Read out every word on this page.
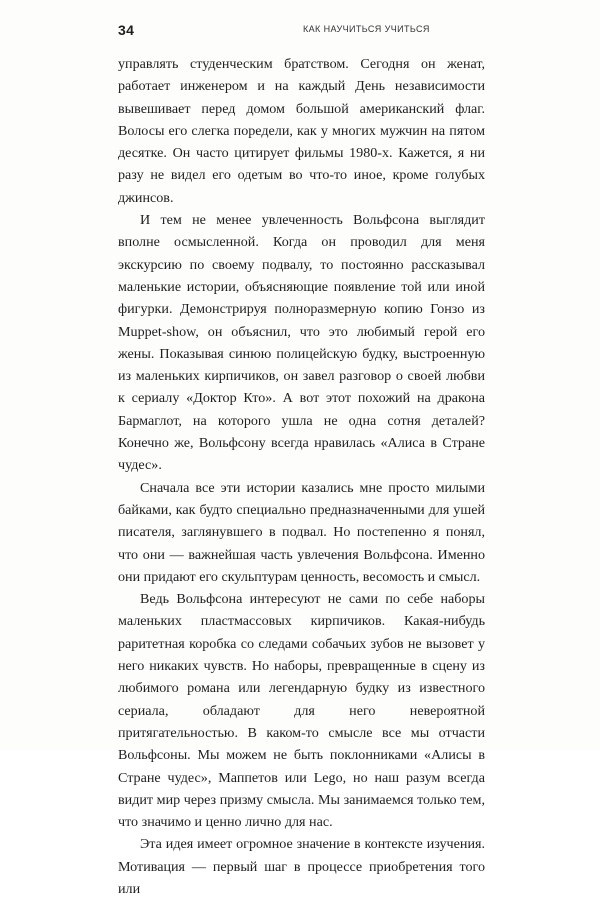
34	КАК НАУЧИТЬСЯ УЧИТЬСЯ

управлять студенческим братством. Сегодня он женат, работает инженером и на каждый День независимости вывешивает перед домом большой американский флаг. Волосы его слегка поредели, как у многих мужчин на пятом десятке. Он часто цитирует фильмы 1980-х. Кажется, я ни разу не видел его одетым во что-то иное, кроме голубых джинсов.

И тем не менее увлеченность Вольфсона выглядит вполне осмысленной. Когда он проводил для меня экскурсию по своему подвалу, то постоянно рассказывал маленькие истории, объясняющие появление той или иной фигурки. Демонстрируя полноразмерную копию Гонзо из Muppet-show, он объяснил, что это любимый герой его жены. Показывая синюю полицейскую будку, выстроенную из маленьких кирпичиков, он завел разговор о своей любви к сериалу «Доктор Кто». А вот этот похожий на дракона Бармаглот, на которого ушла не одна сотня деталей? Конечно же, Вольфсону всегда нравилась «Алиса в Стране чудес».

Сначала все эти истории казались мне просто милыми байками, как будто специально предназначенными для ушей писателя, заглянувшего в подвал. Но постепенно я понял, что они — важнейшая часть увлечения Вольфсона. Именно они придают его скульптурам ценность, весомость и смысл.

Ведь Вольфсона интересуют не сами по себе наборы маленьких пластмассовых кирпичиков. Какая-нибудь раритетная коробка со следами собачьих зубов не вызовет у него никаких чувств. Но наборы, превращенные в сцену из любимого романа или легендарную будку из известного сериала, обладают для него невероятной притягательностью. В каком-то смысле все мы отчасти Вольфсоны. Мы можем не быть поклонниками «Алисы в Стране чудес», Маппетов или Lego, но наш разум всегда видит мир через призму смысла. Мы занимаемся только тем, что значимо и ценно лично для нас.

Эта идея имеет огромное значение в контексте изучения. Мотивация — первый шаг в процессе приобретения того или
